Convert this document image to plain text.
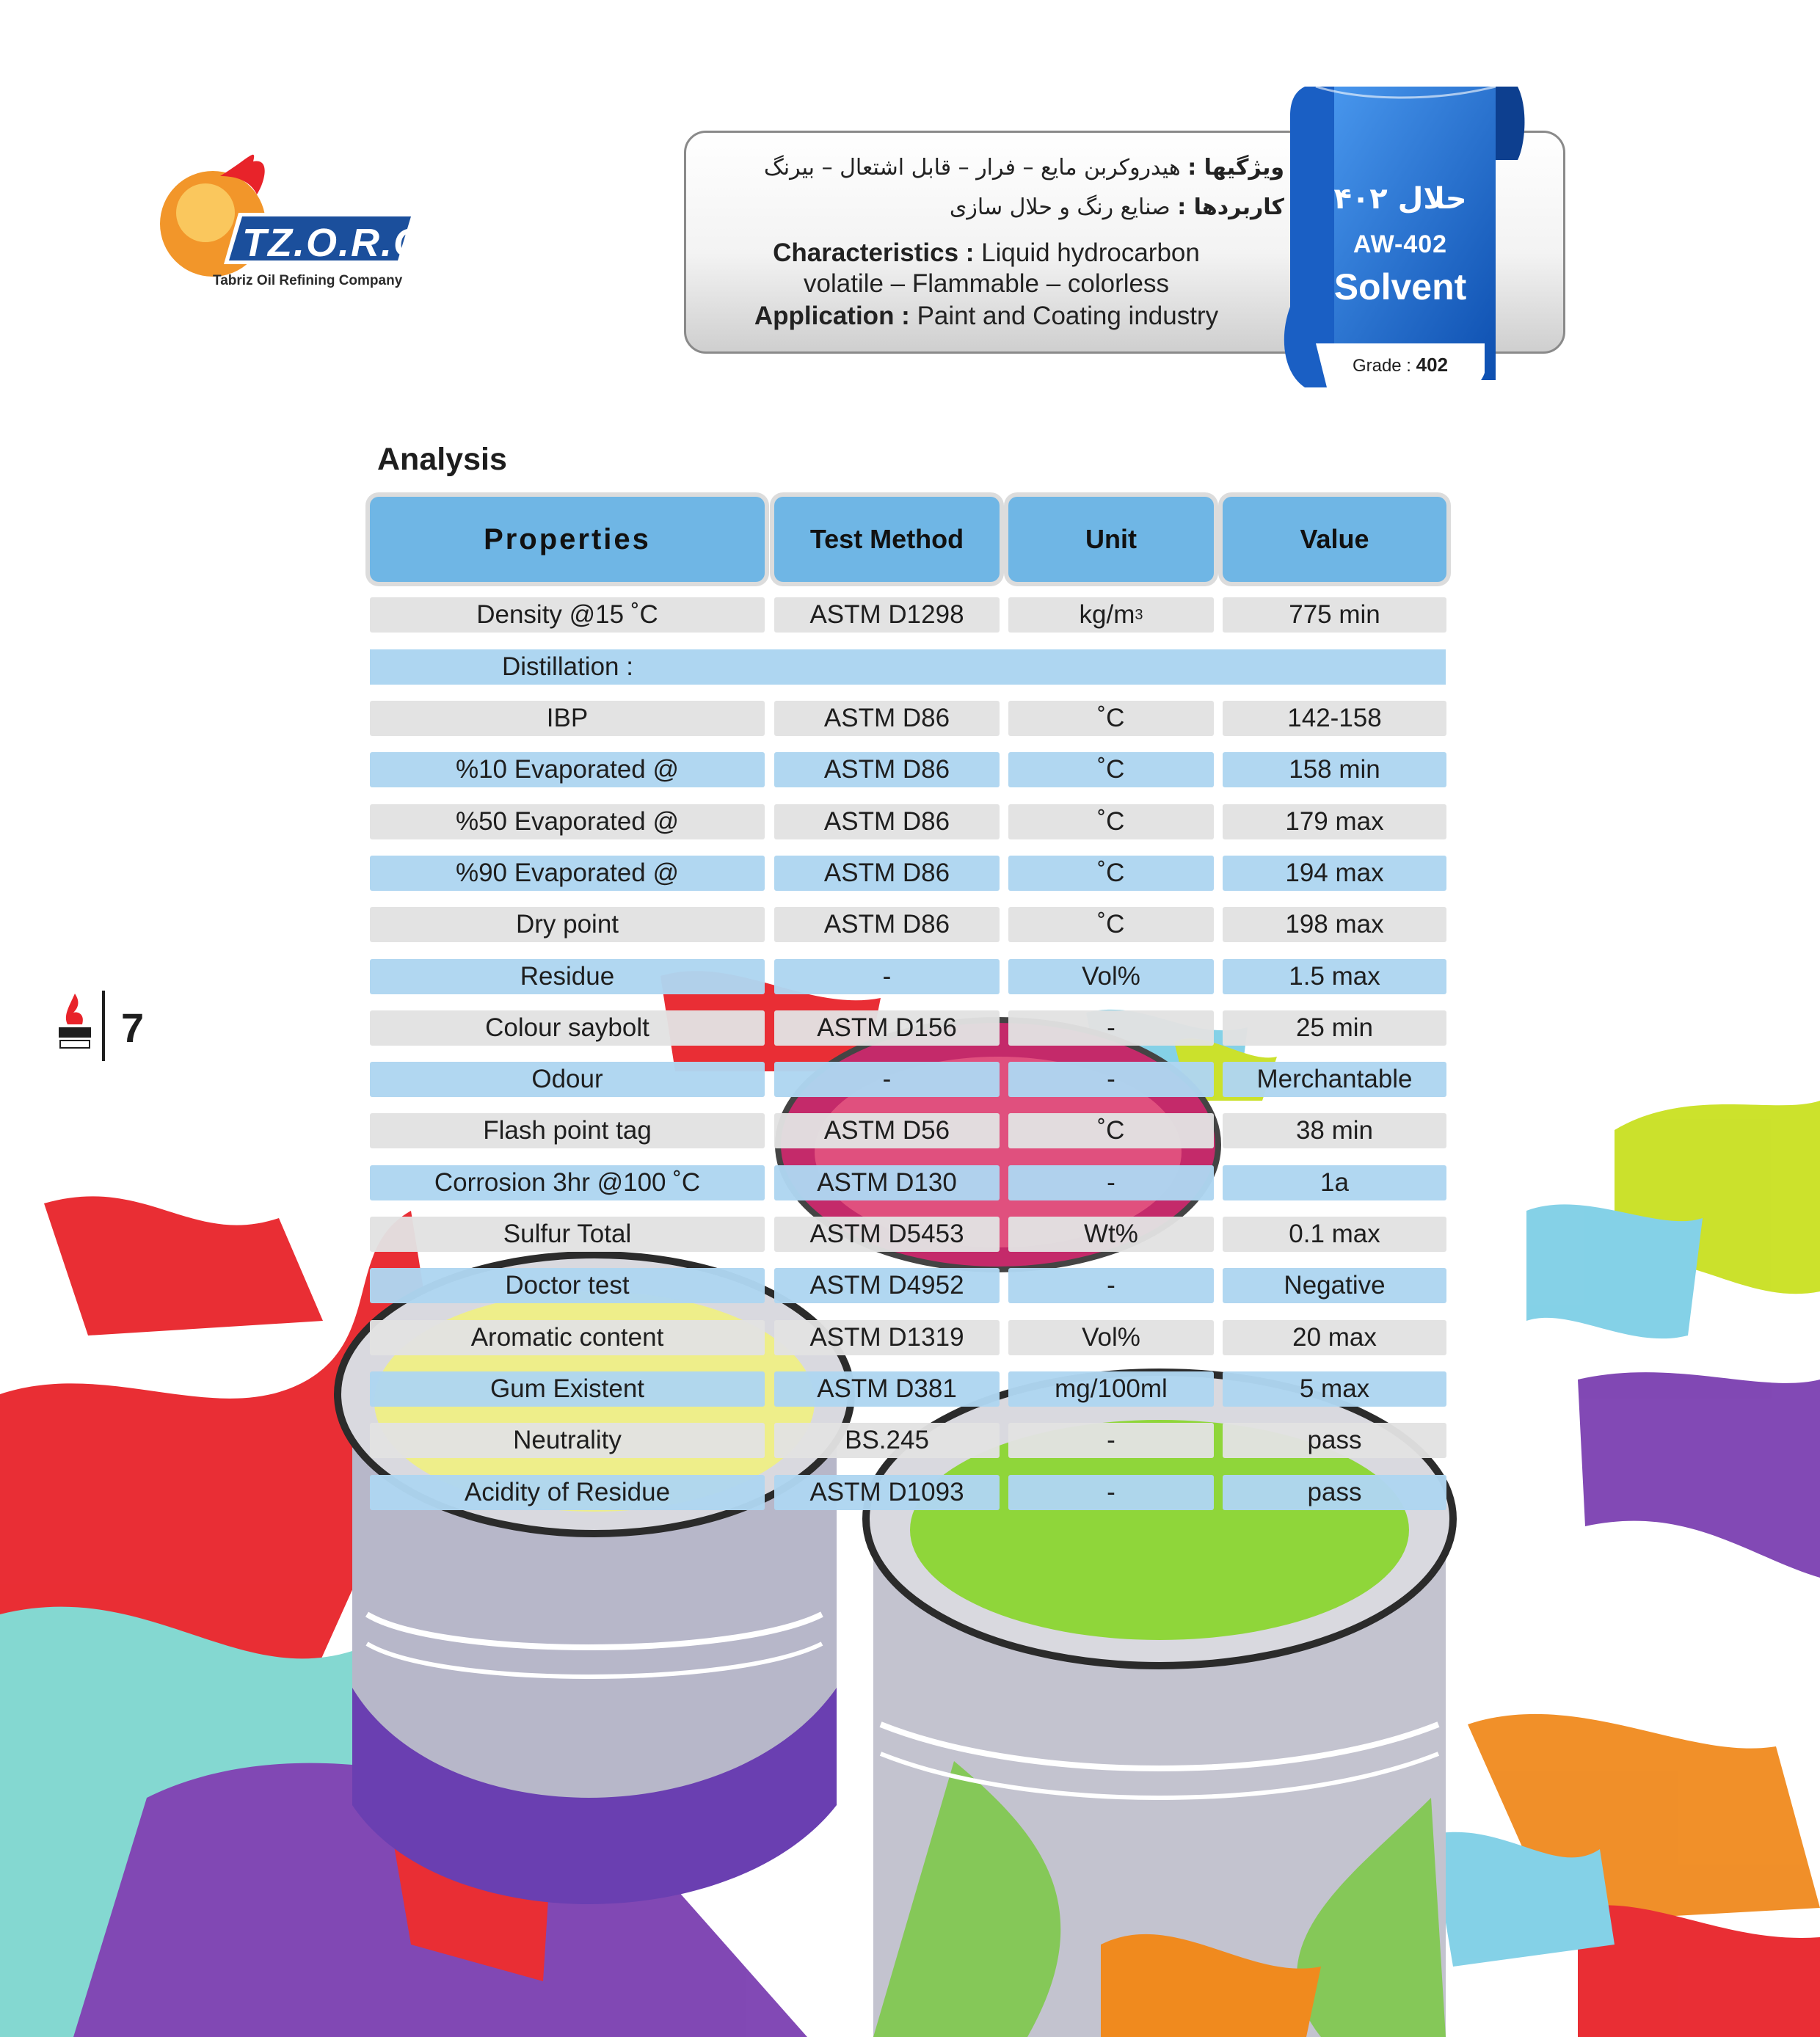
TZ.O.R.C.
Tabriz Oil Refining Company
ویژگیها : هیدروکربن مایع – فرار – قابل اشتعال – بیرنگ
کاربردها : صنایع رنگ و حلال سازی
Characteristics : Liquid hydrocarbon
volatile – Flammable – colorless
Application : Paint and Coating industry
حلال ۴۰۲
AW-402
Solvent
Grade : 402
Analysis
Properties	Test Method	Unit	Value
Density @15 ˚C	ASTM D1298	kg/m 3	775 min
Distillation :
IBP	ASTM D86	˚C	142-158
%10 Evaporated @	ASTM D86	˚C	158 min
%50 Evaporated @	ASTM D86	˚C	179 max
%90 Evaporated @	ASTM D86	˚C	194 max
Dry point	ASTM D86	˚C	198 max
Residue	-	Vol%	1.5 max
Colour saybolt	ASTM D156	-	25 min
Odour	-	-	Merchantable
Flash point tag	ASTM D56	˚C	38 min
Corrosion 3hr @100 ˚C	ASTM D130	-	1a
Sulfur Total	ASTM D5453	Wt%	0.1 max
Doctor test	ASTM D4952	-	Negative
Aromatic content	ASTM D1319	Vol%	20 max
Gum Existent	ASTM D381	mg/100ml	5 max
Neutrality	BS.245	-	pass
Acidity of Residue	ASTM D1093	-	pass
7
